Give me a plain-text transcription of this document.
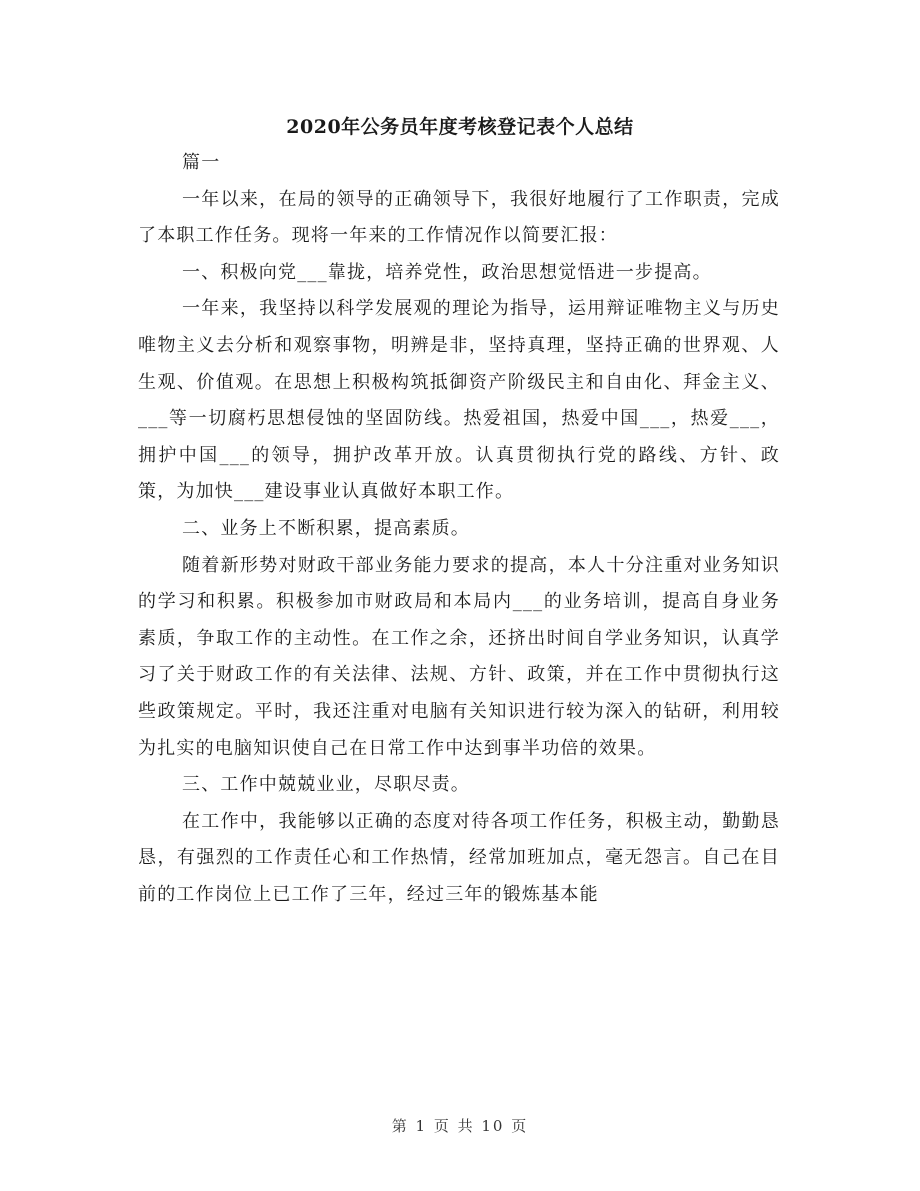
2020年公务员年度考核登记表个人总结

篇一

一年以来，在局的领导的正确领导下，我很好地履行了工作职责，完成了本职工作任务。现将一年来的工作情况作以简要汇报：

一、积极向党___靠拢，培养党性，政治思想觉悟进一步提高。

一年来，我坚持以科学发展观的理论为指导，运用辩证唯物主义与历史唯物主义去分析和观察事物，明辨是非，坚持真理，坚持正确的世界观、人生观、价值观。在思想上积极构筑抵御资产阶级民主和自由化、拜金主义、___等一切腐朽思想侵蚀的坚固防线。热爱祖国，热爱中国___，热爱___，拥护中国___的领导，拥护改革开放。认真贯彻执行党的路线、方针、政策，为加快___建设事业认真做好本职工作。

二、业务上不断积累，提高素质。

随着新形势对财政干部业务能力要求的提高，本人十分注重对业务知识的学习和积累。积极参加市财政局和本局内___的业务培训，提高自身业务素质，争取工作的主动性。在工作之余，还挤出时间自学业务知识，认真学习了关于财政工作的有关法律、法规、方针、政策，并在工作中贯彻执行这些政策规定。平时，我还注重对电脑有关知识进行较为深入的钻研，利用较为扎实的电脑知识使自己在日常工作中达到事半功倍的效果。

三、工作中兢兢业业，尽职尽责。

在工作中，我能够以正确的态度对待各项工作任务，积极主动，勤勤恳恳，有强烈的工作责任心和工作热情，经常加班加点，毫无怨言。自己在目前的工作岗位上已工作了三年，经过三年的锻炼基本能

第 1 页 共 10 页
